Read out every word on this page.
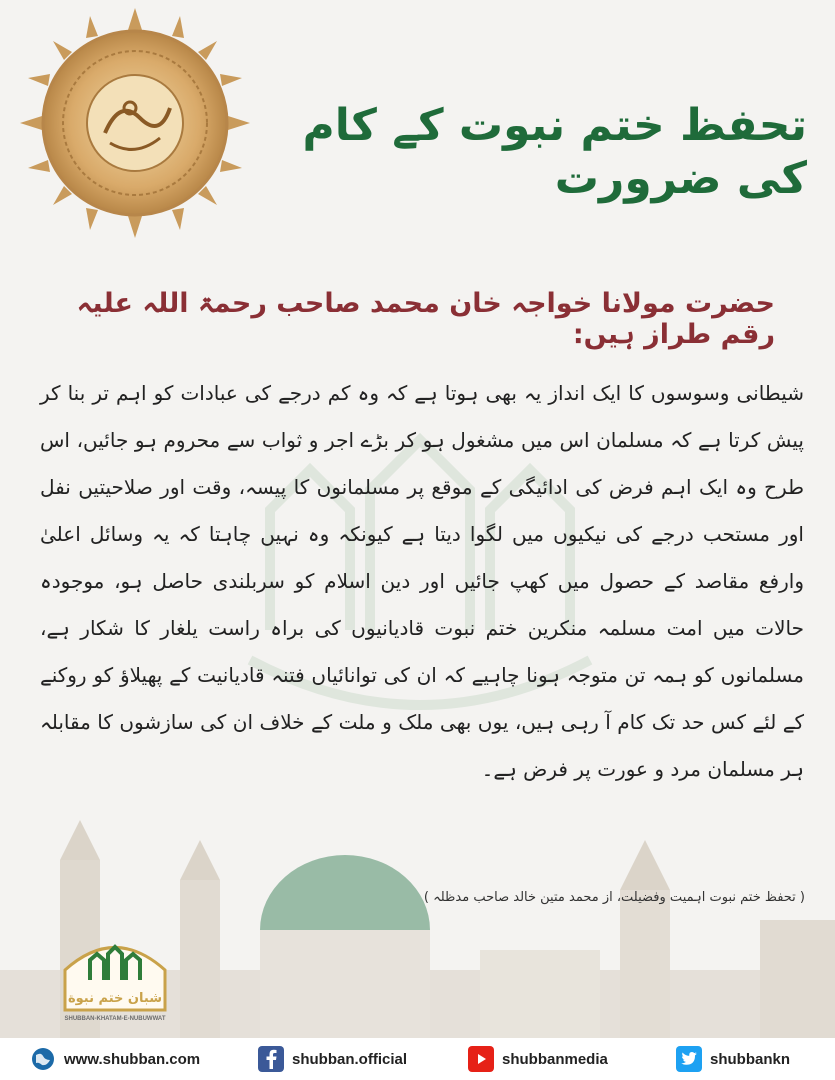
تحفظ ختم نبوت کے کام کی ضرورت
حضرت مولانا خواجہ خان محمد صاحب رحمۃ اللہ علیہ رقم طراز ہیں:
شیطانی وسوسوں کا ایک انداز یہ بھی ہوتا ہے کہ وہ کم درجے کی عبادات کو اہم تر بنا کر پیش کرتا ہے کہ مسلمان اس میں مشغول ہو کر بڑے اجر و ثواب سے محروم ہو جائیں، اس طرح وہ ایک اہم فرض کی ادائیگی کے موقع پر مسلمانوں کا پیسہ، وقت اور صلاحیتیں نفل اور مستحب درجے کی نیکیوں میں لگوا دیتا ہے کیونکہ وہ نہیں چاہتا کہ یہ وسائل اعلیٰ وارفع مقاصد کے حصول میں کھپ جائیں اور دین اسلام کو سربلندی حاصل ہو، موجودہ حالات میں امت مسلمہ منکرین ختم نبوت قادیانیوں کی براہ راست یلغار کا شکار ہے، مسلمانوں کو ہمہ تن متوجہ ہونا چاہیے کہ ان کی توانائیاں فتنہ قادیانیت کے پھیلاؤ کو روکنے کے لئے کس حد تک کام آ رہی ہیں، یوں بھی ملک و ملت کے خلاف ان کی سازشوں کا مقابلہ ہر مسلمان مرد و عورت پر فرض ہے۔
( تحفظ ختم نبوت اہمیت وفضیلت، از محمد متین خالد صاحب مدظلہ )
شبان ختم نبوة
SHUBBAN-KHATAM-E-NUBUWWAT
www.shubban.com	shubban.official	shubbanmedia	shubbankn
